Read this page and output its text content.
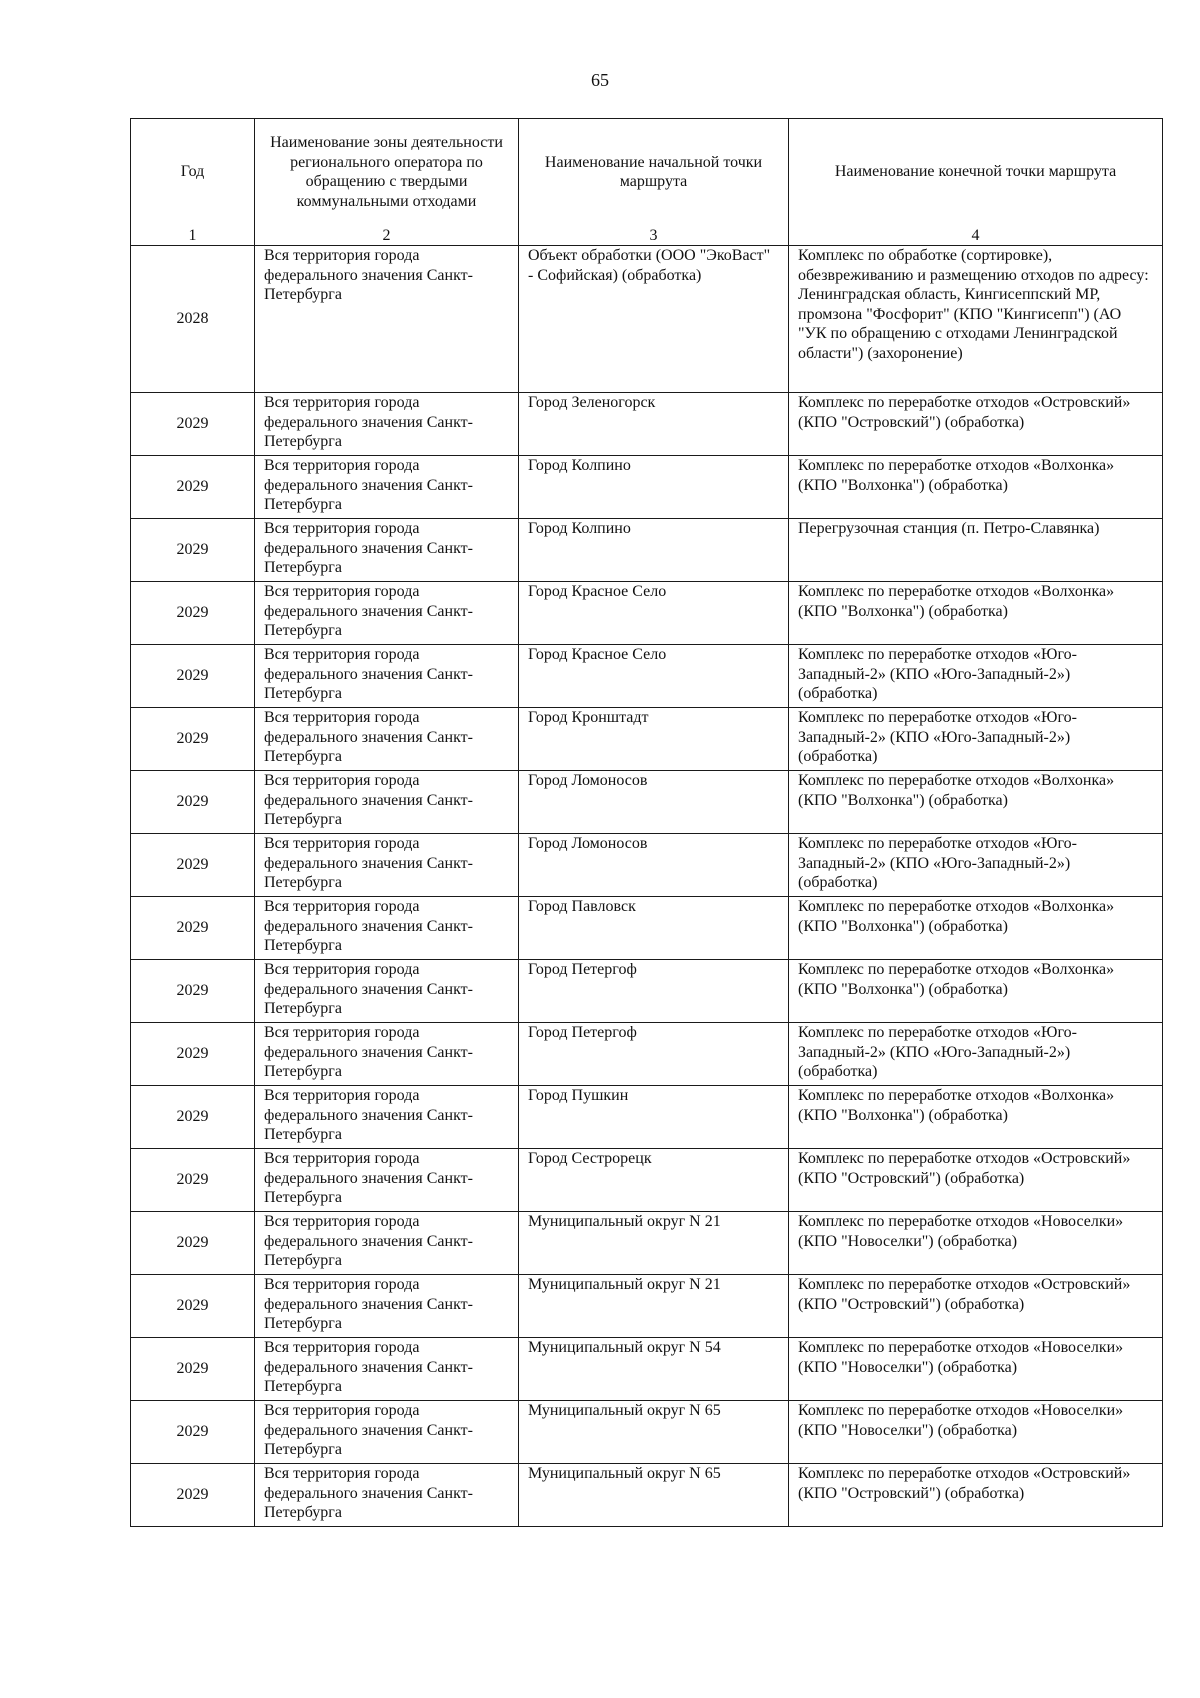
65
Год	Наименование зоны деятельности регионального оператора по обращению с твердыми коммунальными отходами	Наименование начальной точки маршрута	Наименование конечной точки маршрута
1	2	3	4
2028	Вся территория города федерального значения Санкт-Петербурга	Объект обработки (ООО "ЭкоВаст" - Софийская) (обработка)	Комплекс по обработке (сортировке), обезвреживанию и размещению отходов по адресу: Ленинградская область, Кингисеппский МР, промзона "Фосфорит" (КПО "Кингисепп") (АО "УК по обращению с отходами Ленинградской области") (захоронение)
2029	Вся территория города федерального значения Санкт-Петербурга	Город Зеленогорск	Комплекс по переработке отходов «Островский» (КПО "Островский") (обработка)
2029	Вся территория города федерального значения Санкт-Петербурга	Город Колпино	Комплекс по переработке отходов «Волхонка» (КПО "Волхонка") (обработка)
2029	Вся территория города федерального значения Санкт-Петербурга	Город Колпино	Перегрузочная станция (п. Петро-Славянка)
2029	Вся территория города федерального значения Санкт-Петербурга	Город Красное Село	Комплекс по переработке отходов «Волхонка» (КПО "Волхонка") (обработка)
2029	Вся территория города федерального значения Санкт-Петербурга	Город Красное Село	Комплекс по переработке отходов «Юго-Западный-2» (КПО «Юго-Западный-2») (обработка)
2029	Вся территория города федерального значения Санкт-Петербурга	Город Кронштадт	Комплекс по переработке отходов «Юго-Западный-2» (КПО «Юго-Западный-2») (обработка)
2029	Вся территория города федерального значения Санкт-Петербурга	Город Ломоносов	Комплекс по переработке отходов «Волхонка» (КПО "Волхонка") (обработка)
2029	Вся территория города федерального значения Санкт-Петербурга	Город Ломоносов	Комплекс по переработке отходов «Юго-Западный-2» (КПО «Юго-Западный-2») (обработка)
2029	Вся территория города федерального значения Санкт-Петербурга	Город Павловск	Комплекс по переработке отходов «Волхонка» (КПО "Волхонка") (обработка)
2029	Вся территория города федерального значения Санкт-Петербурга	Город Петергоф	Комплекс по переработке отходов «Волхонка» (КПО "Волхонка") (обработка)
2029	Вся территория города федерального значения Санкт-Петербурга	Город Петергоф	Комплекс по переработке отходов «Юго-Западный-2» (КПО «Юго-Западный-2») (обработка)
2029	Вся территория города федерального значения Санкт-Петербурга	Город Пушкин	Комплекс по переработке отходов «Волхонка» (КПО "Волхонка") (обработка)
2029	Вся территория города федерального значения Санкт-Петербурга	Город Сестрорецк	Комплекс по переработке отходов «Островский» (КПО "Островский") (обработка)
2029	Вся территория города федерального значения Санкт-Петербурга	Муниципальный округ N 21	Комплекс по переработке отходов «Новоселки» (КПО "Новоселки") (обработка)
2029	Вся территория города федерального значения Санкт-Петербурга	Муниципальный округ N 21	Комплекс по переработке отходов «Островский» (КПО "Островский") (обработка)
2029	Вся территория города федерального значения Санкт-Петербурга	Муниципальный округ N 54	Комплекс по переработке отходов «Новоселки» (КПО "Новоселки") (обработка)
2029	Вся территория города федерального значения Санкт-Петербурга	Муниципальный округ N 65	Комплекс по переработке отходов «Новоселки» (КПО "Новоселки") (обработка)
2029	Вся территория города федерального значения Санкт-Петербурга	Муниципальный округ N 65	Комплекс по переработке отходов «Островский» (КПО "Островский") (обработка)
